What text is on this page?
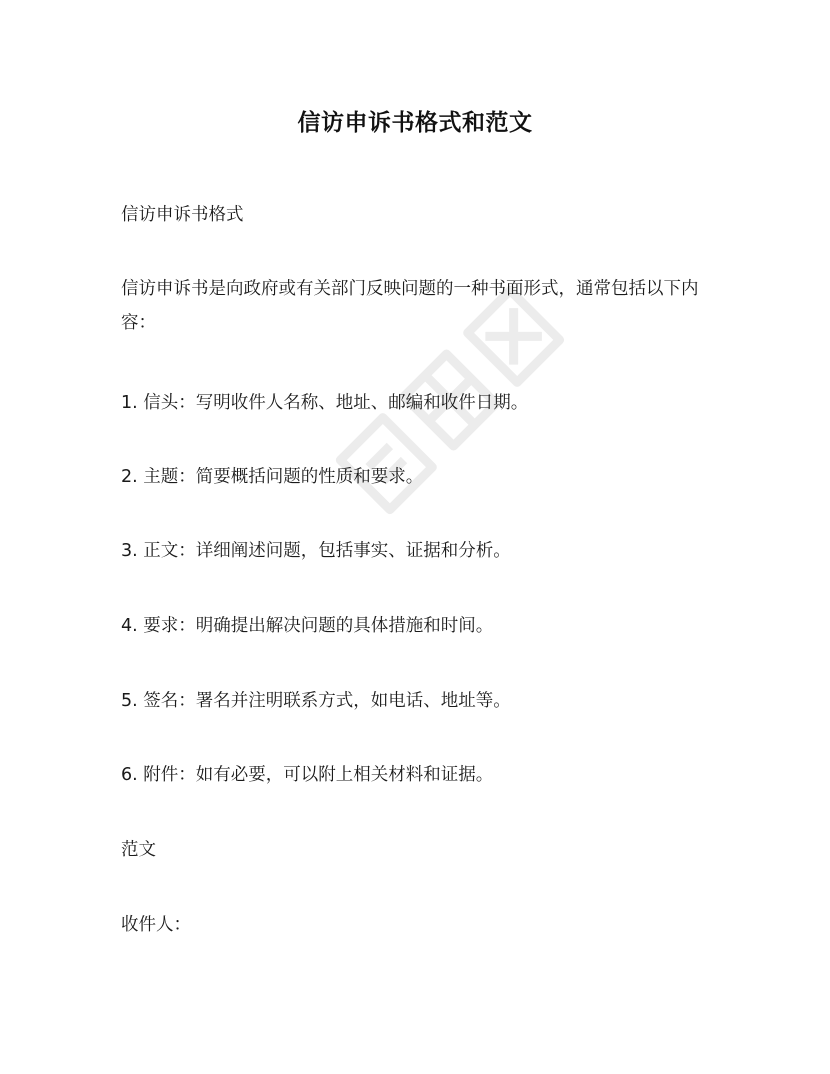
信访申诉书格式和范文
信访申诉书格式
信访申诉书是向政府或有关部门反映问题的一种书面形式，通常包括以下内容：
1. 信头：写明收件人名称、地址、邮编和收件日期。
2. 主题：简要概括问题的性质和要求。
3. 正文：详细阐述问题，包括事实、证据和分析。
4. 要求：明确提出解决问题的具体措施和时间。
5. 签名：署名并注明联系方式，如电话、地址等。
6. 附件：如有必要，可以附上相关材料和证据。
范文
收件人：
